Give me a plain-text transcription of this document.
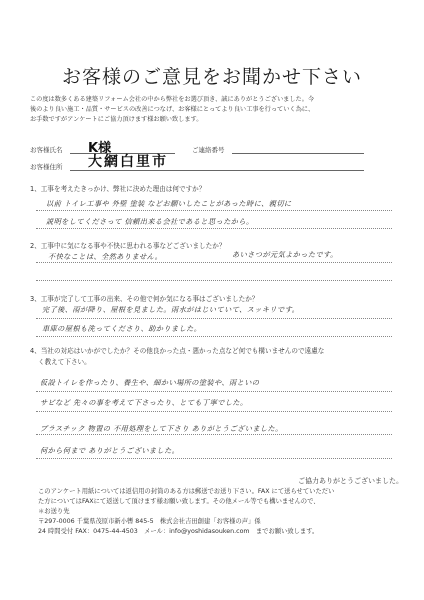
お客様のご意見をお聞かせ下さい
この度は数多くある建築リフォーム会社の中から弊社をお選び頂き、誠にありがとうございました。今
後のより良い施工・品質・サービスの改善につなげ、お客様にとってより良い工事を行っていく為に、
お手数ですがアンケートにご協力頂けます様お願い致します。
お客様氏名 K様	ご連絡番号
お客様住所 大網白里市
1、工事を考えたきっかけ、弊社に決めた理由は何ですか？
以前 トイレ工事や 外壁 塗装 などお願いしたことがあった時に、親切に
説明をしてくださって 信頼出来る会社であると思ったから。
2、工事中に気になる事や不快に思われる事などございましたか？
不快なことは、全然ありません。	あいさつが元気よかったです。
3、工事が完了して工事の出来、その他で何か気になる事はございましたか？
完了後、雨が降り、屋根を見ました。雨水がはじいていて、スッキリです。
車庫の屋根も洗ってくださり、助かりました。
4、当社の対応はいかがでしたか？その他良かった点・悪かった点など何でも構いませんので遠慮な
く教えて下さい。
仮設トイレを作ったり、養生や、細かい場所の塗装や、雨といの
サビなど 先々の事を考えて下さったり、とても丁寧でした。
プラスチック 物置の 不用処理をして下さり ありがとうございました。
何から何まで ありがとうございました。
ご協力ありがとうございました。
このアンケート用紙については返信用の封筒のある方は郵送でお送り下さい。FAX にて送らせていただい
た方についてはFAXにて返送して頂けます様お願い致します。その他メール等でも構いませんので、
＊お送り先
〒297-0006 千葉県茂原市新小轡 845-5　株式会社吉田創建「お客様の声」係
24 時間受付 FAX：0475-44-4503　メール：info@yoshidasouken.com　までお願い致します。
